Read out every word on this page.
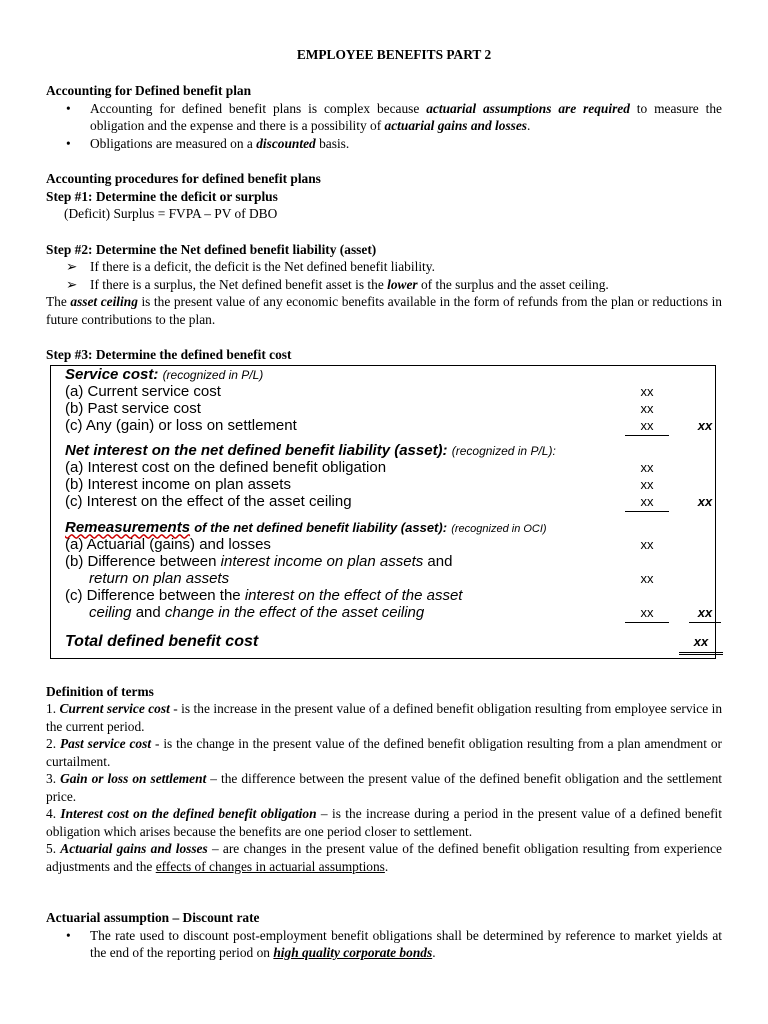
EMPLOYEE BENEFITS PART 2
Accounting for Defined benefit plan
• Accounting for defined benefit plans is complex because actuarial assumptions are required to measure the obligation and the expense and there is a possibility of actuarial gains and losses.
• Obligations are measured on a discounted basis.
Accounting procedures for defined benefit plans
Step #1: Determine the deficit or surplus
(Deficit) Surplus = FVPA – PV of DBO
Step #2: Determine the Net defined benefit liability (asset)
➢ If there is a deficit, the deficit is the Net defined benefit liability.
➢ If there is a surplus, the Net defined benefit asset is the lower of the surplus and the asset ceiling.
The asset ceiling is the present value of any economic benefits available in the form of refunds from the plan or reductions in future contributions to the plan.
Step #3: Determine the defined benefit cost
Service cost: (recognized in P/L)
(a) Current service cost	xx
(b) Past service cost	xx
(c) Any (gain) or loss on settlement	xx	xx
Net interest on the net defined benefit liability (asset): (recognized in P/L):
(a) Interest cost on the defined benefit obligation	xx
(b) Interest income on plan assets	xx
(c) Interest on the effect of the asset ceiling	xx	xx
Remeasurements of the net defined benefit liability (asset): (recognized in OCI)
(a) Actuarial (gains) and losses	xx
(b) Difference between interest income on plan assets and
return on plan assets	xx
(c) Difference between the interest on the effect of the asset
ceiling and change in the effect of the asset ceiling	xx	xx
Total defined benefit cost	xx
Definition of terms
1. Current service cost - is the increase in the present value of a defined benefit obligation resulting from employee service in the current period.
2. Past service cost - is the change in the present value of the defined benefit obligation resulting from a plan amendment or curtailment.
3. Gain or loss on settlement – the difference between the present value of the defined benefit obligation and the settlement price.
4. Interest cost on the defined benefit obligation – is the increase during a period in the present value of a defined benefit obligation which arises because the benefits are one period closer to settlement.
5. Actuarial gains and losses – are changes in the present value of the defined benefit obligation resulting from experience adjustments and the effects of changes in actuarial assumptions.
Actuarial assumption – Discount rate
• The rate used to discount post-employment benefit obligations shall be determined by reference to market yields at the end of the reporting period on high quality corporate bonds.
